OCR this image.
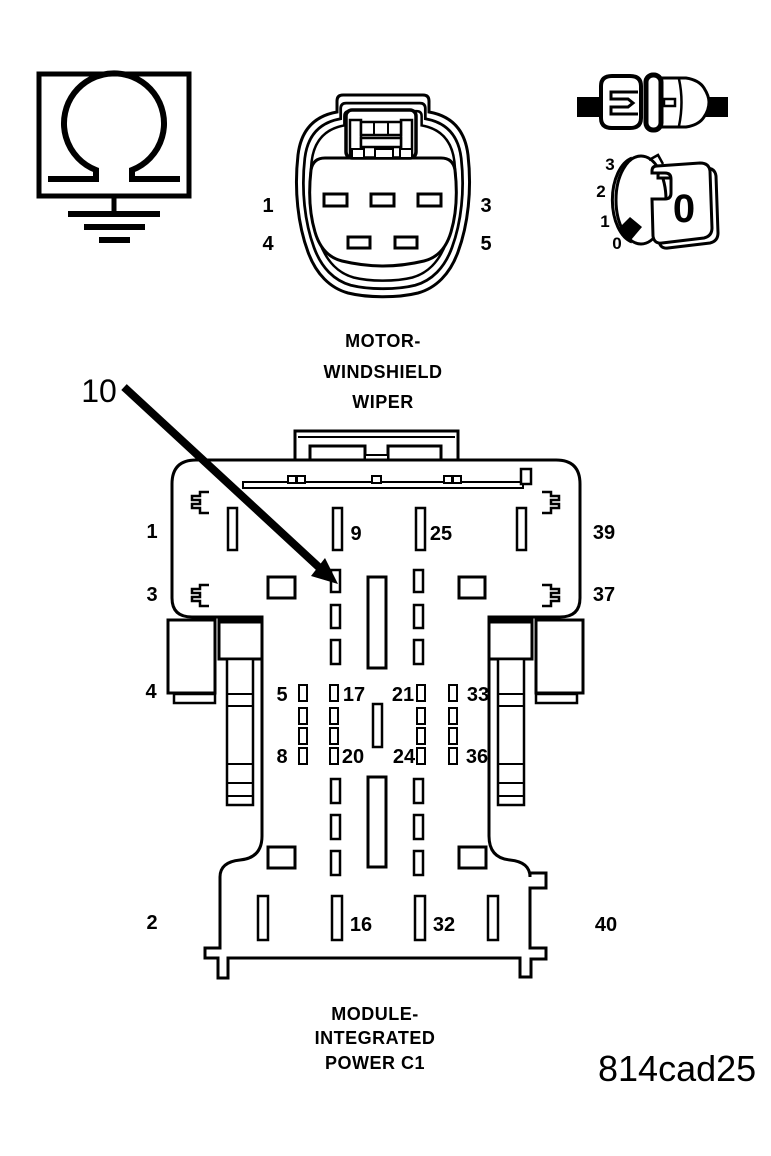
3
2
1
0
0
1	3
4	5
MOTOR-
WINDSHIELD
WIPER
1
3
4
2
9	25	39
37
5	17 21	33
8	20 24	36
16	32	40
10
MODULE-
INTEGRATED
POWER C1	814cad25
